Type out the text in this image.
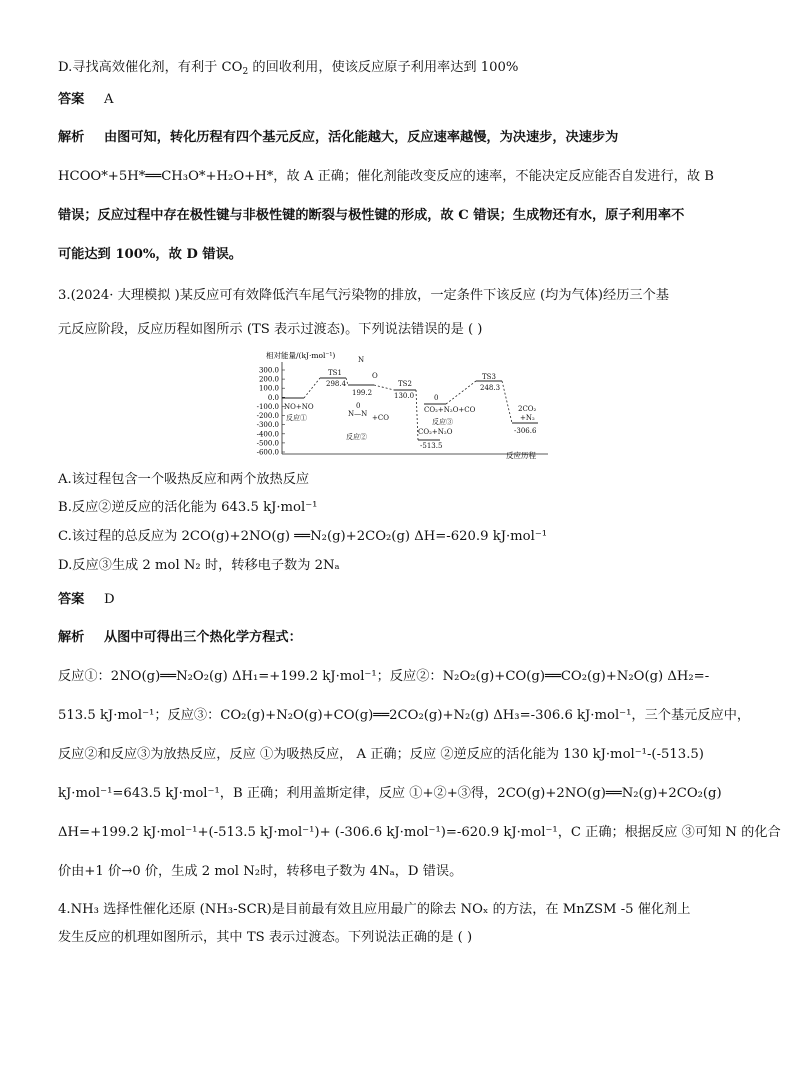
D.寻找高效催化剂，有利于 $CO_2$ 的回收利用，使该反应原子利用率达到 100%
答案 A
解析 由图可知，转化历程有四个基元反应，活化能越大，反应速率越慢，为决速步，决速步为
HCOO*+5H*══CH₃O*+H₂O+H*，故 A 正确；催化剂能改变反应的速率，不能决定反应能否自发进行，故 B
错误；反应过程中存在极性键与非极性键的断裂与极性键的形成，故 C 错误；生成物还有水，原子利用率不
可能达到 100%，故 D 错误。
3.(2024· 大理模拟 )某反应可有效降低汽车尾气污染物的排放，一定条件下该反应 (均为气体)经历三个基
元反应阶段，反应历程如图所示 (TS 表示过渡态)。下列说法错误的是 ( )
相对能量/(kJ·mol⁻¹)
反应历程
300.0
200.0
100.0
0.0
-100.0
-200.0
-300.0
-400.0
-500.0
-600.0
NO+NO
反应①
TS1
298.4
N
O
199.2
0
N—N +CO
反应②
TS2
130.0	0
CO₂+N₂O+CO
反应③
CO₂+N₂O
-513.5
TS3
248.3
2CO₂
+N₂
-306.6
A.该过程包含一个吸热反应和两个放热反应
B.反应②逆反应的活化能为 643.5 kJ·mol⁻¹
C.该过程的总反应为 2CO(g)+2NO(g) ══N₂(g)+2CO₂(g) ΔH=-620.9 kJ·mol⁻¹
D.反应③生成 2 mol N₂ 时，转移电子数为 2Nₐ
答案 D
解析 从图中可得出三个热化学方程式：
反应①：2NO(g)══N₂O₂(g) ΔH₁=+199.2 kJ·mol⁻¹；反应②：N₂O₂(g)+CO(g)══CO₂(g)+N₂O(g) ΔH₂=-
513.5 kJ·mol⁻¹；反应③：CO₂(g)+N₂O(g)+CO(g)══2CO₂(g)+N₂(g) ΔH₃=-306.6 kJ·mol⁻¹，三个基元反应中，
反应②和反应③为放热反应，反应 ①为吸热反应， A 正确；反应 ②逆反应的活化能为 130 kJ·mol⁻¹-(-513.5)
kJ·mol⁻¹=643.5 kJ·mol⁻¹，B 正确；利用盖斯定律，反应 ①+②+③得，2CO(g)+2NO(g)══N₂(g)+2CO₂(g)
ΔH=+199.2 kJ·mol⁻¹+(-513.5 kJ·mol⁻¹)+ (-306.6 kJ·mol⁻¹)=-620.9 kJ·mol⁻¹，C 正确；根据反应 ③可知 N 的化合
价由+1 价→0 价，生成 2 mol N₂时，转移电子数为 4Nₐ，D 错误。
4.NH₃ 选择性催化还原 (NH₃-SCR)是目前最有效且应用最广的除去 NOₓ 的方法，在 MnZSM -5 催化剂上
发生反应的机理如图所示，其中 TS 表示过渡态。下列说法正确的是 ( )
